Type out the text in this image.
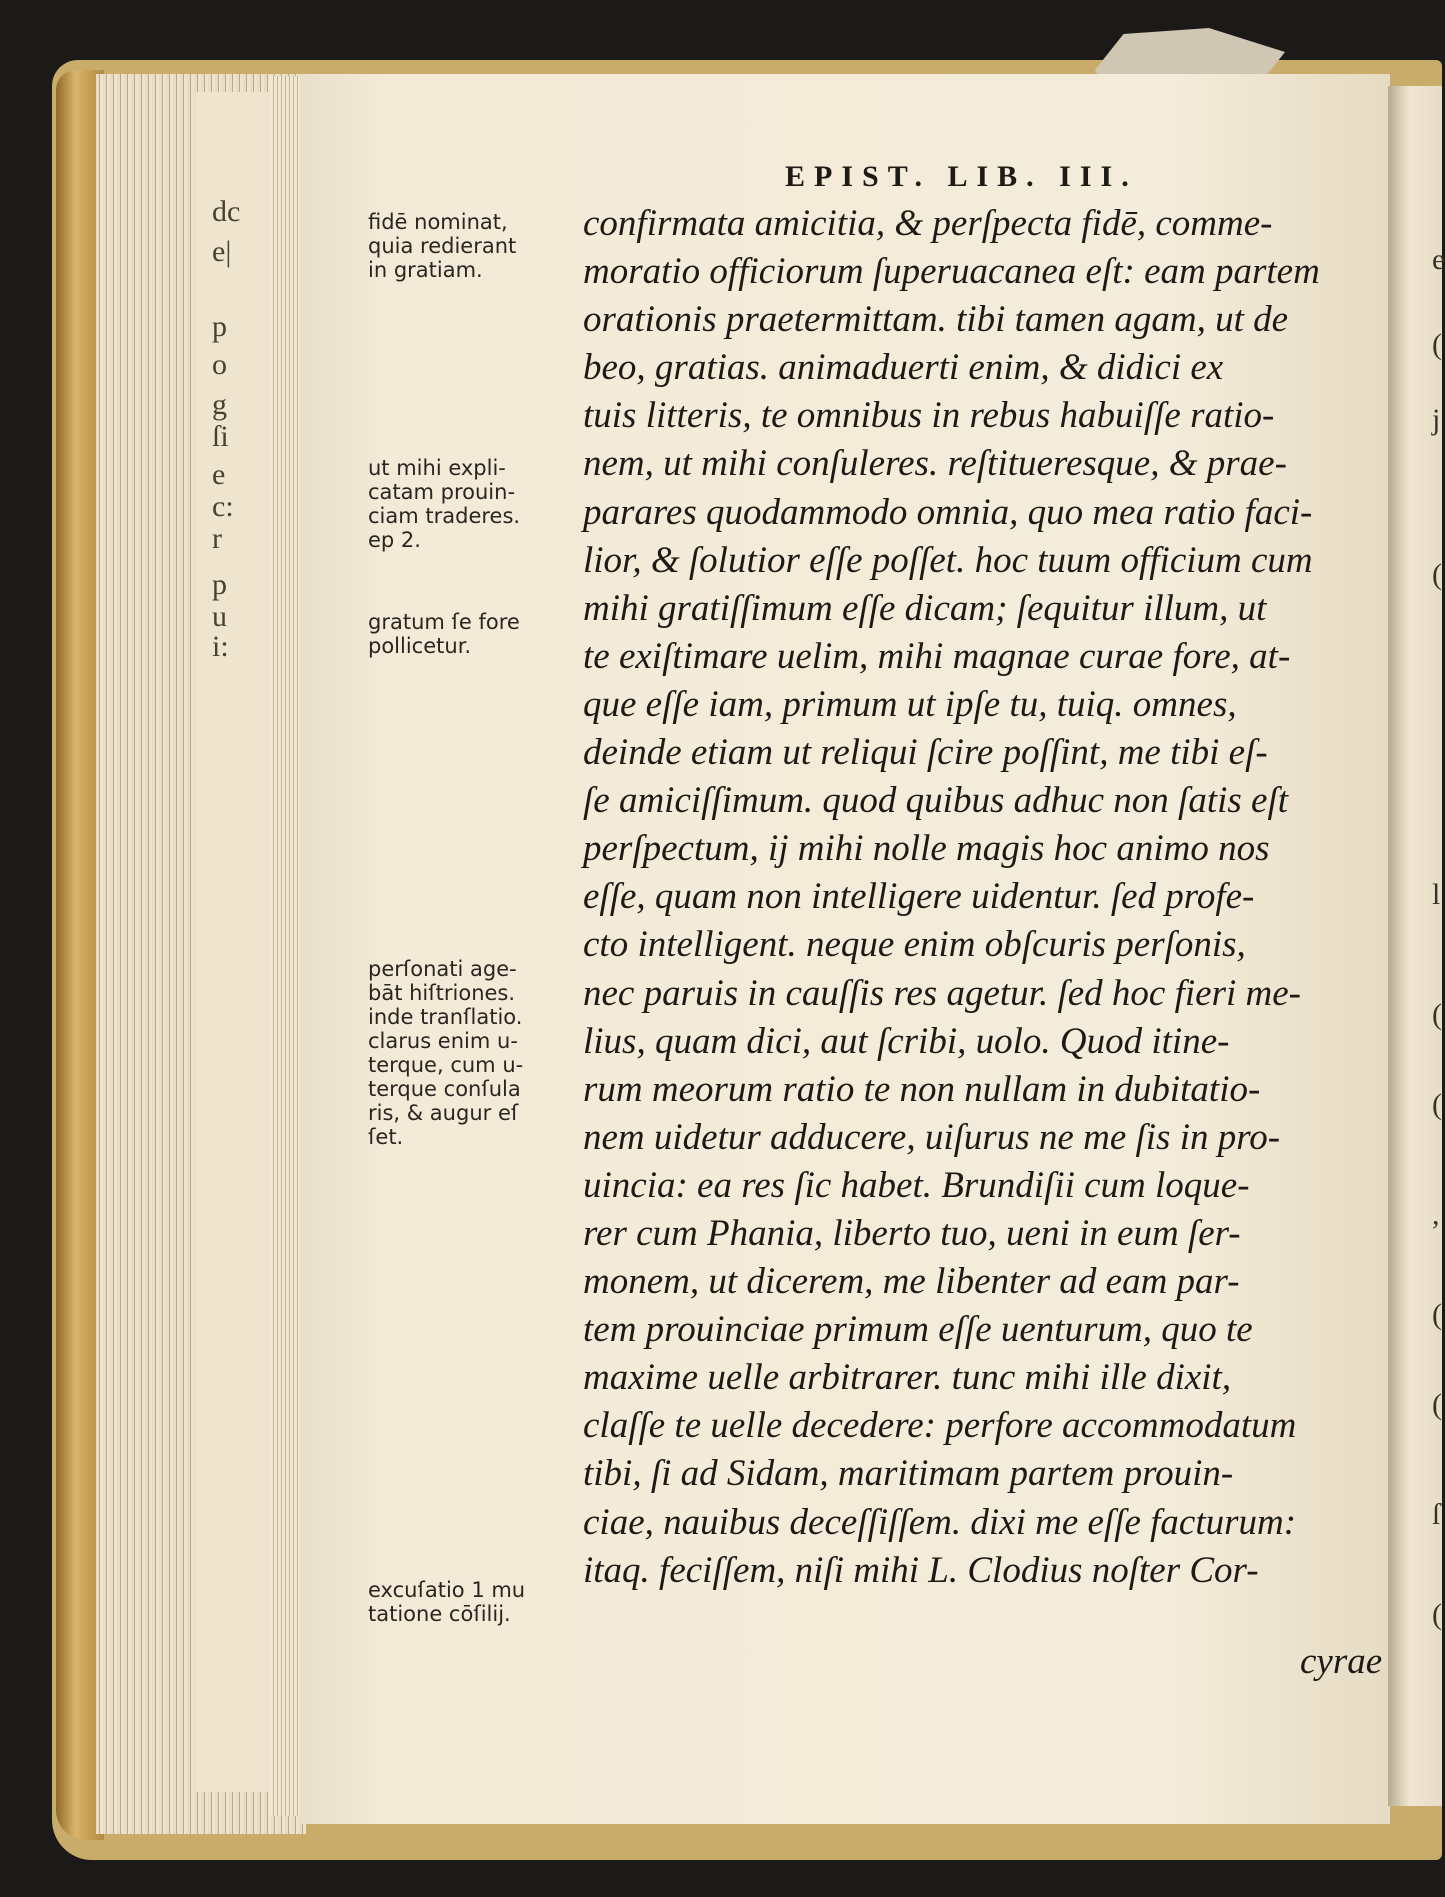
dc
e|
p
o
g
ſi
e
c:
r
p
u
i:
e
(
j
(
l
(
(
,
(
(
ſ
(
EPIST. LIB. III.
fidē nominat,
quia redierant
in gratiam.
ut mihi expli-
catam prouin-
ciam traderes.
ep 2.
gratum ſe fore
pollicetur.
perſonati age-
bāt hiſtriones.
inde tranſlatio.
clarus enim u-
terque, cum u-
terque conſula
ris, & augur eſ
ſet.
excuſatio 1 mu
tatione cōſilij.
confirmata amicitia, & perſpecta fidē, comme-
moratio officiorum ſuperuacanea eſt: eam partem
orationis praetermittam. tibi tamen agam, ut de
beo, gratias. animaduerti enim, & didici ex
tuis litteris, te omnibus in rebus habuiſſe ratio-
nem, ut mihi conſuleres. reſtitueresque, & prae-
parares quodammodo omnia, quo mea ratio faci-
lior, & ſolutior eſſe poſſet. hoc tuum officium cum
mihi gratiſſimum eſſe dicam; ſequitur illum, ut
te exiſtimare uelim, mihi magnae curae fore, at-
que eſſe iam, primum ut ipſe tu, tuiq. omnes,
deinde etiam ut reliqui ſcire poſſint, me tibi eſ-
ſe amiciſſimum. quod quibus adhuc non ſatis eſt
perſpectum, ij mihi nolle magis hoc animo nos
eſſe, quam non intelligere uidentur. ſed profe-
cto intelligent. neque enim obſcuris perſonis,
nec paruis in cauſſis res agetur. ſed hoc fieri me-
lius, quam dici, aut ſcribi, uolo. Quod itine-
rum meorum ratio te non nullam in dubitatio-
nem uidetur adducere, uiſurus ne me ſis in pro-
uincia: ea res ſic habet. Brundiſii cum loque-
rer cum Phania, liberto tuo, ueni in eum ſer-
monem, ut dicerem, me libenter ad eam par-
tem prouinciae primum eſſe uenturum, quo te
maxime uelle arbitrarer. tunc mihi ille dixit,
claſſe te uelle decedere: perfore accommodatum
tibi, ſi ad Sidam, maritimam partem prouin-
ciae, nauibus deceſſiſſem. dixi me eſſe facturum:
itaq. feciſſem, niſi mihi L. Clodius noſter Cor-
cyrae
